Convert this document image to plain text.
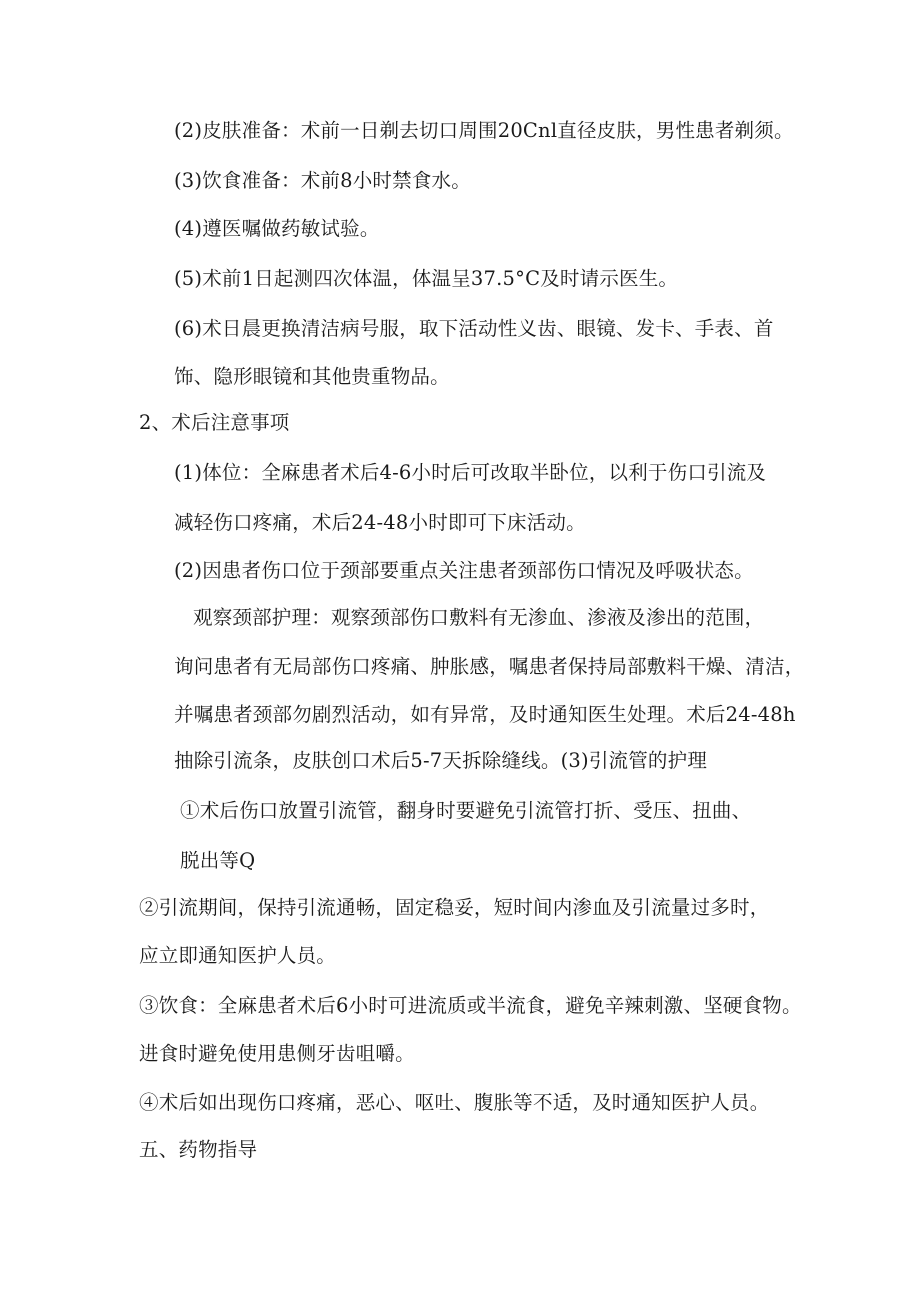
(2)皮肤准备：术前一日剃去切口周围20Cnl直径皮肤，男性患者剃须。
(3)饮食准备：术前8小时禁食水。
(4)遵医嘱做药敏试验。
(5)术前1日起测四次体温，体温呈37.5°C及时请示医生。
(6)术日晨更换清洁病号服，取下活动性义齿、眼镜、发卡、手表、首
饰、隐形眼镜和其他贵重物品。
2、术后注意事项
(1)体位：全麻患者术后4-6小时后可改取半卧位，以利于伤口引流及
减轻伤口疼痛，术后24-48小时即可下床活动。
(2)因患者伤口位于颈部要重点关注患者颈部伤口情况及呼吸状态。
观察颈部护理：观察颈部伤口敷料有无渗血、渗液及渗出的范围，
询问患者有无局部伤口疼痛、肿胀感，嘱患者保持局部敷料干燥、清洁，
并嘱患者颈部勿剧烈活动，如有异常，及时通知医生处理。术后24-48h
抽除引流条，皮肤创口术后5-7天拆除缝线。(3)引流管的护理
①术后伤口放置引流管，翻身时要避免引流管打折、受压、扭曲、
脱出等Q
②引流期间，保持引流通畅，固定稳妥，短时间内渗血及引流量过多时，
应立即通知医护人员。
③饮食：全麻患者术后6小时可进流质或半流食，避免辛辣刺激、坚硬食物。
进食时避免使用患侧牙齿咀嚼。
④术后如出现伤口疼痛，恶心、呕吐、腹胀等不适，及时通知医护人员。
五、药物指导
